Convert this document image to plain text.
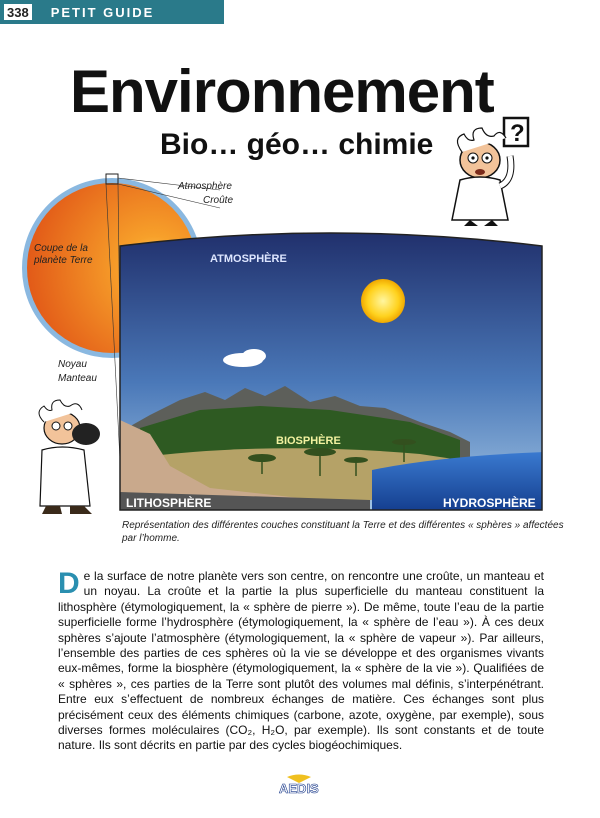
338	PETIT GUIDE
Environnement
Bio… géo… chimie	?
ATMOSPHÈRE
BIOSPHÈRE
LITHOSPHÈRE	HYDROSPHÈRE
Atmosphère
Croûte
Coupe de la planète Terre
Noyau
Manteau
Représentation des différentes couches constituant la Terre et des différentes « sphères » affectées par l’homme.
De la surface de notre planète vers son centre, on rencontre une croûte, un manteau et un noyau. La croûte et la partie la plus superficielle du manteau constituent la lithosphère (étymologiquement, la « sphère de pierre »). De même, toute l’eau de la partie superficielle forme l’hydrosphère (étymologiquement, la « sphère de l’eau »). À ces deux sphères s’ajoute l’atmosphère (étymologiquement, la « sphère de vapeur »). Par ailleurs, l’ensemble des parties de ces sphères où la vie se développe et des organismes vivants eux-mêmes, forme la biosphère (étymologiquement, la « sphère de la vie »). Qualifiées de « sphères », ces parties de la Terre sont plutôt des volumes mal définis, s’interpénétrant. Entre eux s’effectuent de nombreux échanges de matière. Ces échanges sont plus précisément ceux des éléments chimiques (carbone, azote, oxygène, par exemple), sous diverses formes moléculaires (CO₂, H₂O, par exemple). Ils sont constants et de toute nature. Ils sont décrits en partie par des cycles biogéochimiques.
AEDIS
